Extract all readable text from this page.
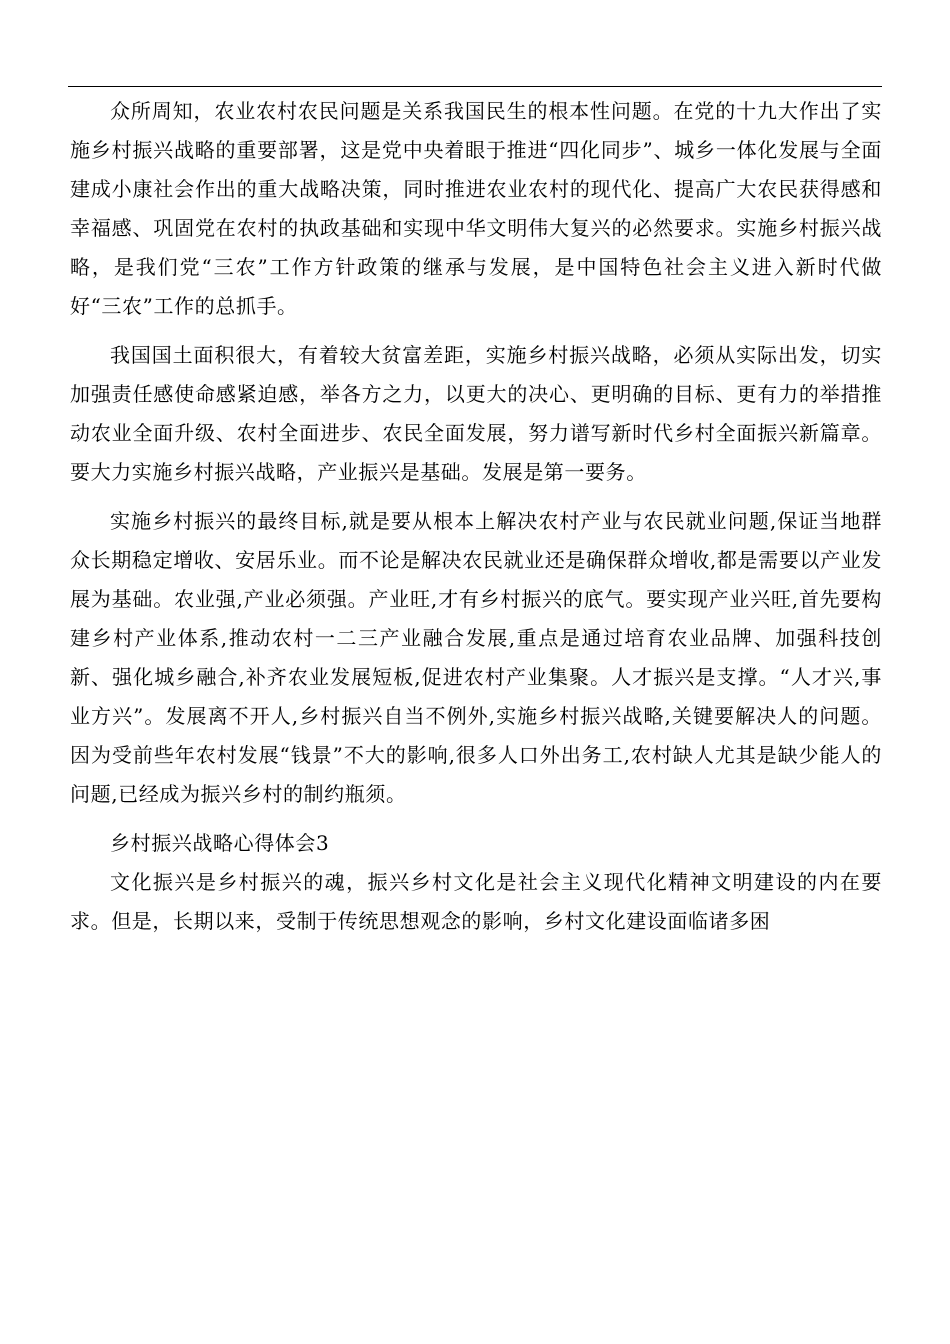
众所周知，农业农村农民问题是关系我国民生的根本性问题。在党的十九大作出了实施乡村振兴战略的重要部署，这是党中央着眼于推进“四化同步”、城乡一体化发展与全面建成小康社会作出的重大战略决策，同时推进农业农村的现代化、提高广大农民获得感和幸福感、巩固党在农村的执政基础和实现中华文明伟大复兴的必然要求。实施乡村振兴战略，是我们党“三农”工作方针政策的继承与发展，是中国特色社会主义进入新时代做好“三农”工作的总抓手。

我国国土面积很大，有着较大贫富差距，实施乡村振兴战略，必须从实际出发，切实加强责任感使命感紧迫感，举各方之力，以更大的决心、更明确的目标、更有力的举措推动农业全面升级、农村全面进步、农民全面发展，努力谱写新时代乡村全面振兴新篇章。要大力实施乡村振兴战略，产业振兴是基础。发展是第一要务。

实施乡村振兴的最终目标,就是要从根本上解决农村产业与农民就业问题,保证当地群众长期稳定增收、安居乐业。而不论是解决农民就业还是确保群众增收,都是需要以产业发展为基础。农业强,产业必须强。产业旺,才有乡村振兴的底气。要实现产业兴旺,首先要构建乡村产业体系,推动农村一二三产业融合发展,重点是通过培育农业品牌、加强科技创新、强化城乡融合,补齐农业发展短板,促进农村产业集聚。人才振兴是支撑。“人才兴,事业方兴”。发展离不开人,乡村振兴自当不例外,实施乡村振兴战略,关键要解决人的问题。因为受前些年农村发展“钱景”不大的影响,很多人口外出务工,农村缺人尤其是缺少能人的问题,已经成为振兴乡村的制约瓶须。

乡村振兴战略心得体会3

文化振兴是乡村振兴的魂，振兴乡村文化是社会主义现代化精神文明建设的内在要求。但是，长期以来，受制于传统思想观念的影响，乡村文化建设面临诸多困
